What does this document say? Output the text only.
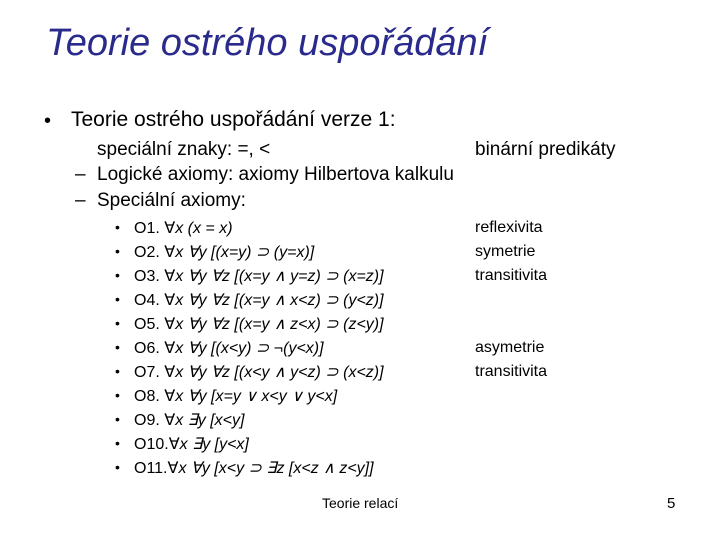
Teorie ostrého uspořádání
• Teorie ostrého uspořádání verze 1:
speciální znaky: =, <	binární predikáty
– Logické axiomy: axiomy Hilbertova kalkulu
– Speciální axiomy:
• O1. ∀x (x = x)
• O2. ∀x ∀y [(x=y) ⊃ (y=x)]
• O3. ∀x ∀y ∀z [(x=y ∧ y=z) ⊃ (x=z)]
• O4. ∀x ∀y ∀z [(x=y ∧ x<z) ⊃ (y<z)]
• O5. ∀x ∀y ∀z [(x=y ∧ z<x) ⊃ (z<y)]
• O6. ∀x ∀y [(x<y) ⊃ ¬(y<x)]
• O7. ∀x ∀y ∀z [(x<y ∧ y<z) ⊃ (x<z)]
• O8. ∀x ∀y [x=y ∨ x<y ∨ y<x]
• O9. ∀x ∃y [x<y]
• O10.∀x ∃y [y<x]
• O11.∀x ∀y [x<y ⊃ ∃z [x<z ∧ z<y]]
reflexivita
symetrie
transitivita
asymetrie
transitivita
Teorie relací	5
